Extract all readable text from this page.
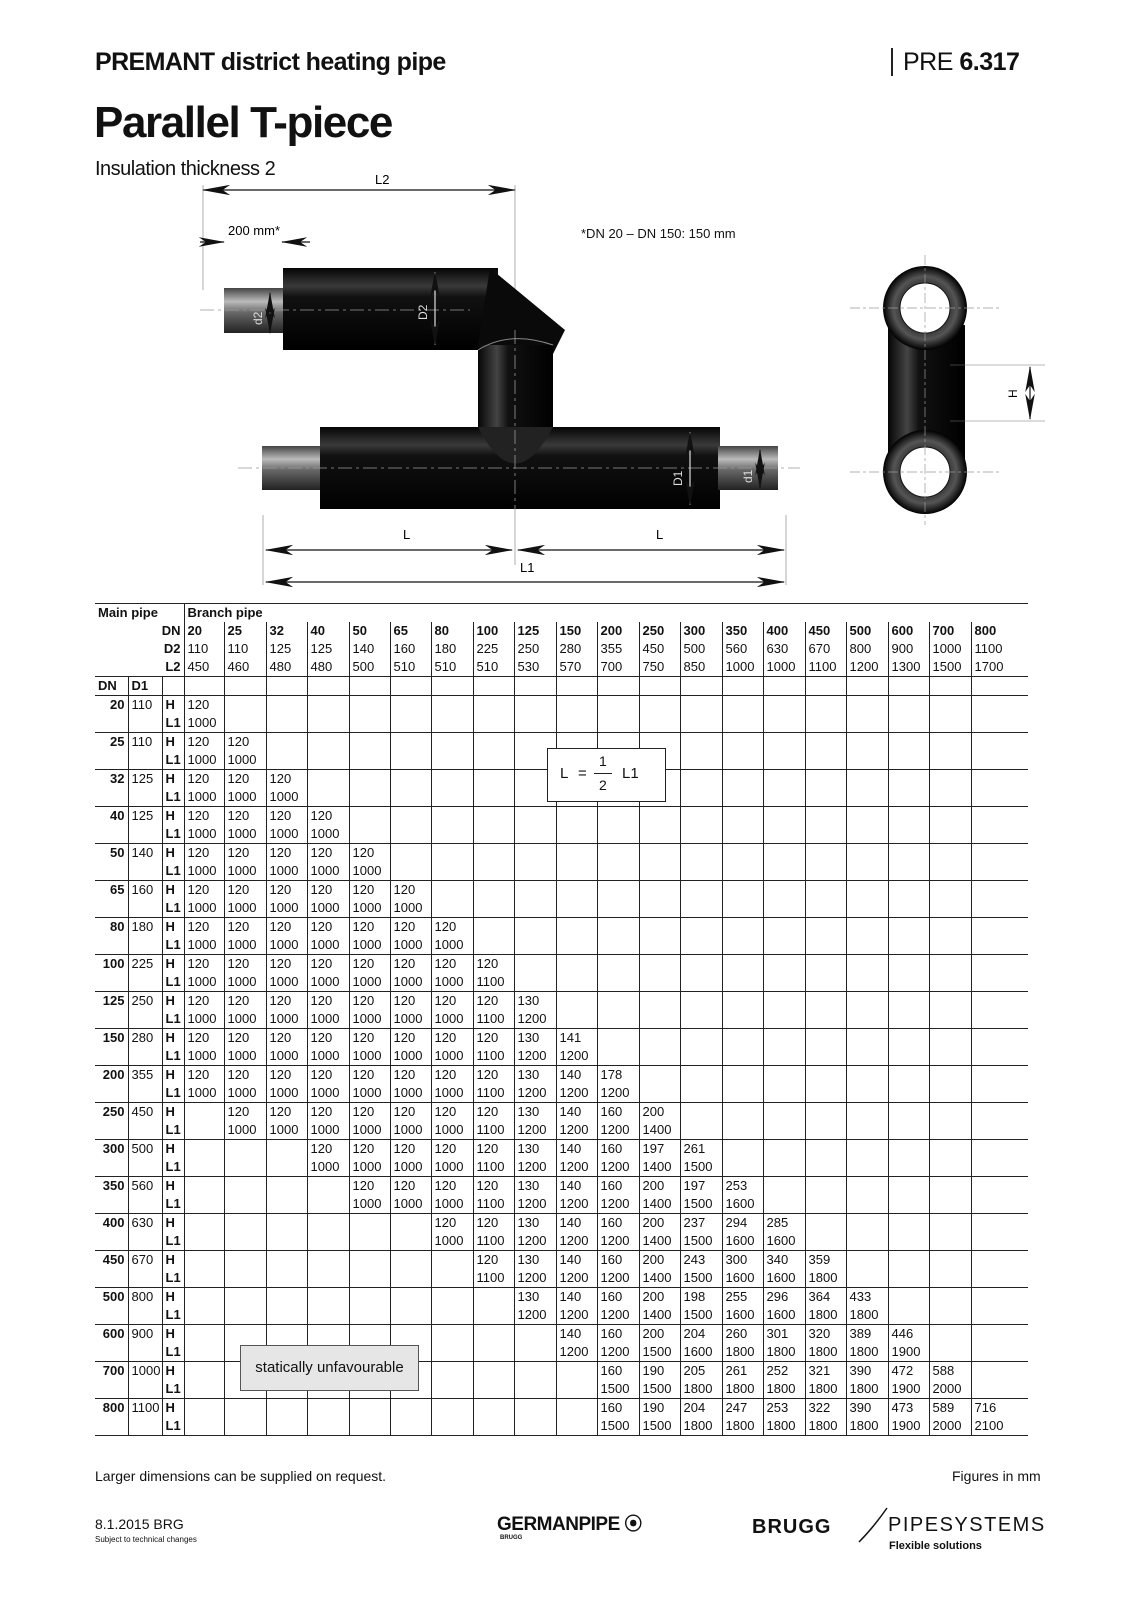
PREMANT district heating pipe	PRE 6.317
Parallel T-piece
Insulation thickness 2	L2
200 mm*
d2	D2
D1	d1
L	L
L1
H
*DN 20 – DN 150: 150 mm
Main pipe			Branch pipe																			
DN			20	25	32	40	50	65	80	100	125	150	200	250	300	350	400	450	500	600	700	800
D2			110	110	125	125	140	160	180	225	250	280	355	450	500	560	630	670	800	900	1000	1100
L2			450	460	480	480	500	510	510	510	530	570	700	750	850	1000	1000	1100	1200	1300	1500	1700
DN	D1																					
20	110	H	120																			
		L1	1000																			
25	110	H	120	120																		
		L1	1000	1000																		
32	125	H	120	120	120																	
		L1	1000	1000	1000																	
40	125	H	120	120	120	120																
		L1	1000	1000	1000	1000																
50	140	H	120	120	120	120	120															
		L1	1000	1000	1000	1000	1000															
65	160	H	120	120	120	120	120	120														
		L1	1000	1000	1000	1000	1000	1000														
80	180	H	120	120	120	120	120	120	120													
		L1	1000	1000	1000	1000	1000	1000	1000													
100	225	H	120	120	120	120	120	120	120	120												
		L1	1000	1000	1000	1000	1000	1000	1000	1100												
125	250	H	120	120	120	120	120	120	120	120	130											
		L1	1000	1000	1000	1000	1000	1000	1000	1100	1200											
150	280	H	120	120	120	120	120	120	120	120	130	141										
		L1	1000	1000	1000	1000	1000	1000	1000	1100	1200	1200										
200	355	H	120	120	120	120	120	120	120	120	130	140	178									
		L1	1000	1000	1000	1000	1000	1000	1000	1100	1200	1200	1200									
250	450	H		120	120	120	120	120	120	120	130	140	160	200								
		L1		1000	1000	1000	1000	1000	1000	1100	1200	1200	1200	1400								
300	500	H				120	120	120	120	120	130	140	160	197	261							
		L1				1000	1000	1000	1000	1100	1200	1200	1200	1400	1500							
350	560	H					120	120	120	120	130	140	160	200	197	253						
		L1					1000	1000	1000	1100	1200	1200	1200	1400	1500	1600						
400	630	H							120	120	130	140	160	200	237	294	285					
		L1							1000	1100	1200	1200	1200	1400	1500	1600	1600					
450	670	H								120	130	140	160	200	243	300	340	359				
		L1								1100	1200	1200	1200	1400	1500	1600	1600	1800				
500	800	H									130	140	160	200	198	255	296	364	433			
		L1									1200	1200	1200	1400	1500	1600	1600	1800	1800			
600	900	H										140	160	200	204	260	301	320	389	446		
		L1										1200	1200	1500	1600	1800	1800	1800	1800	1900		
700	1000	H											160	190	205	261	252	321	390	472	588	
		L1											1500	1500	1800	1800	1800	1800	1800	1900	2000	
800	1100	H											160	190	204	247	253	322	390	473	589	716
		L1											1500	1500	1800	1800	1800	1800	1800	1900	2000	2100
L =
1
2
L1
statically unfavourable
Larger dimensions can be supplied on request.	Figures in mm
8.1.2015 BRG
Subject to technical changes
GERMANPIPE ⦿
BRUGG	BRUGG	PIPESYSTEMS
Flexible solutions
